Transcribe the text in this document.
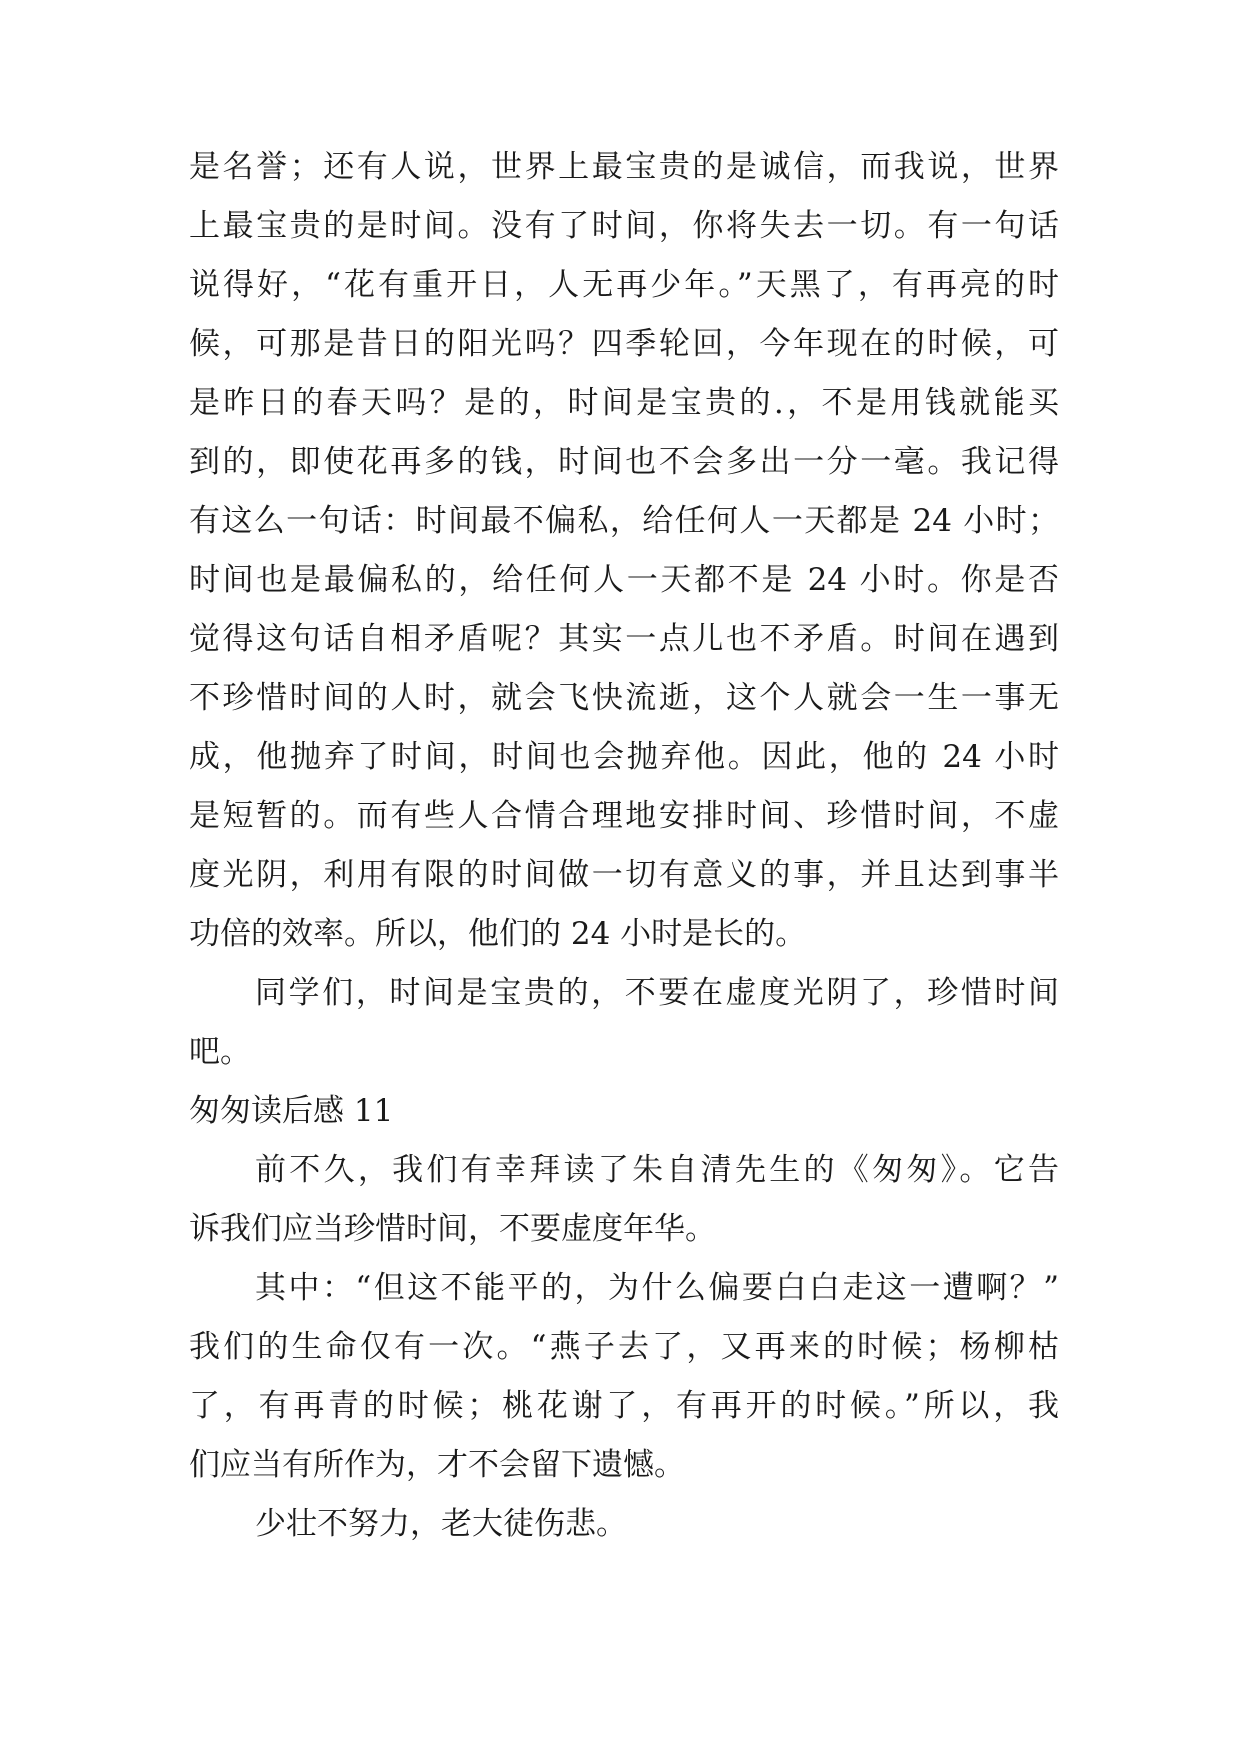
是名誉；还有人说，世界上最宝贵的是诚信，而我说，世界
上最宝贵的是时间。没有了时间，你将失去一切。有一句话
说得好，“花有重开日，人无再少年。”天黑了，有再亮的时
候，可那是昔日的阳光吗？四季轮回，今年现在的时候，可
是昨日的春天吗？是的，时间是宝贵的.，不是用钱就能买
到的，即使花再多的钱，时间也不会多出一分一毫。我记得
有这么一句话：时间最不偏私，给任何人一天都是 24 小时；
时间也是最偏私的，给任何人一天都不是 24 小时。你是否
觉得这句话自相矛盾呢？其实一点儿也不矛盾。时间在遇到
不珍惜时间的人时，就会飞快流逝，这个人就会一生一事无
成，他抛弃了时间，时间也会抛弃他。因此，他的 24 小时
是短暂的。而有些人合情合理地安排时间、珍惜时间，不虚
度光阴，利用有限的时间做一切有意义的事，并且达到事半
功倍的效率。所以，他们的 24 小时是长的。
同学们，时间是宝贵的，不要在虚度光阴了，珍惜时间
吧。
匆匆读后感 11
前不久，我们有幸拜读了朱自清先生的《匆匆》。它告
诉我们应当珍惜时间，不要虚度年华。
其中：“但这不能平的，为什么偏要白白走这一遭啊？”
我们的生命仅有一次。“燕子去了，又再来的时候；杨柳枯
了，有再青的时候；桃花谢了，有再开的时候。”所以，我
们应当有所作为，才不会留下遗憾。
少壮不努力，老大徒伤悲。
